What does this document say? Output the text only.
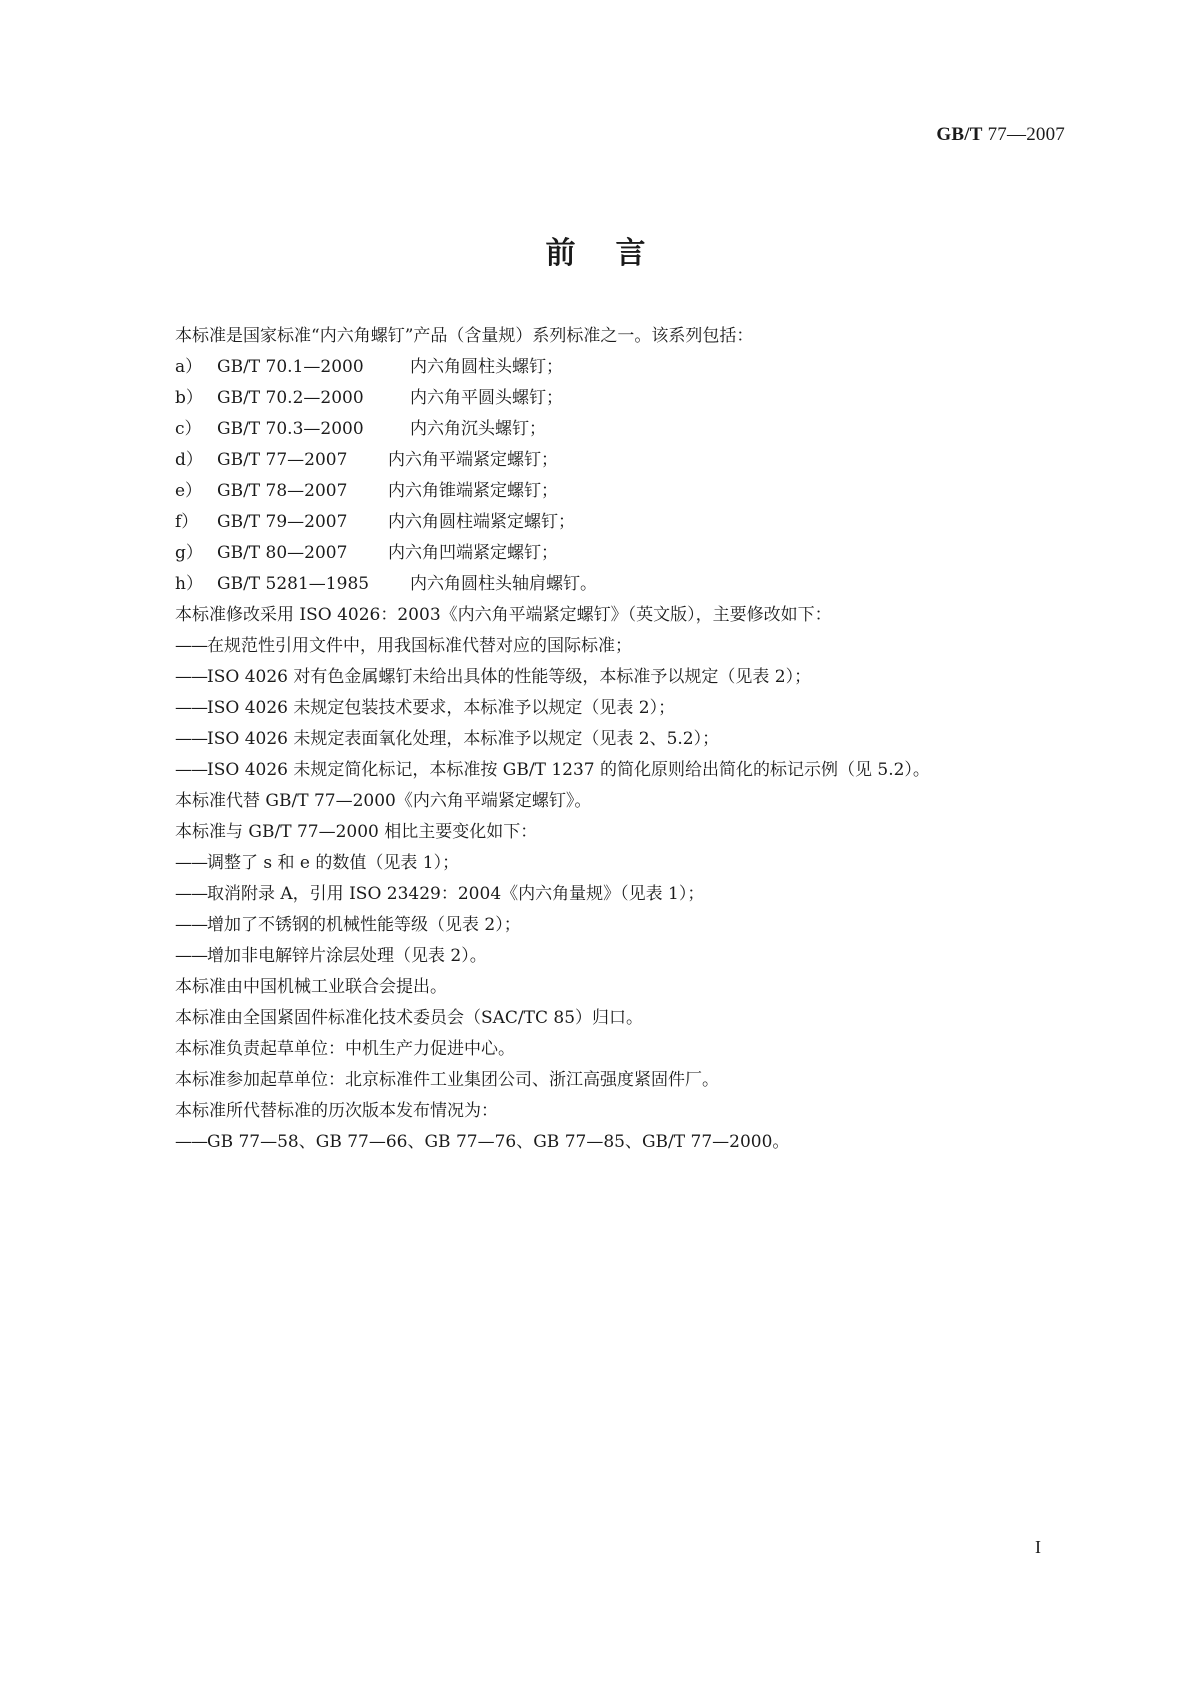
GB/T 77—2007
前言
本标准是国家标准“内六角螺钉”产品（含量规）系列标准之一。该系列包括：
a） GB/T 70.1—2000	内六角圆柱头螺钉；
b） GB/T 70.2—2000	内六角平圆头螺钉；
c） GB/T 70.3—2000	内六角沉头螺钉；
d） GB/T 77—2007 内六角平端紧定螺钉；
e） GB/T 78—2007 内六角锥端紧定螺钉；
f） GB/T 79—2007 内六角圆柱端紧定螺钉；
g） GB/T 80—2007 内六角凹端紧定螺钉；
h） GB/T 5281—1985 内六角圆柱头轴肩螺钉。
本标准修改采用 ISO 4026：2003《内六角平端紧定螺钉》（英文版），主要修改如下：
——在规范性引用文件中，用我国标准代替对应的国际标准；
——ISO 4026 对有色金属螺钉未给出具体的性能等级，本标准予以规定（见表 2）；
——ISO 4026 未规定包装技术要求，本标准予以规定（见表 2）；
——ISO 4026 未规定表面氧化处理，本标准予以规定（见表 2、5.2）；
——ISO 4026 未规定简化标记，本标准按 GB/T 1237 的简化原则给出简化的标记示例（见 5.2）。
本标准代替 GB/T 77—2000《内六角平端紧定螺钉》。
本标准与 GB/T 77—2000 相比主要变化如下：
——调整了 s 和 e 的数值（见表 1）；
——取消附录 A，引用 ISO 23429：2004《内六角量规》（见表 1）；
——增加了不锈钢的机械性能等级（见表 2）；
——增加非电解锌片涂层处理（见表 2）。
本标准由中国机械工业联合会提出。
本标准由全国紧固件标准化技术委员会（SAC/TC 85）归口。
本标准负责起草单位：中机生产力促进中心。
本标准参加起草单位：北京标准件工业集团公司、浙江高强度紧固件厂。
本标准所代替标准的历次版本发布情况为：
——GB 77—58、GB 77—66、GB 77—76、GB 77—85、GB/T 77—2000。
I
